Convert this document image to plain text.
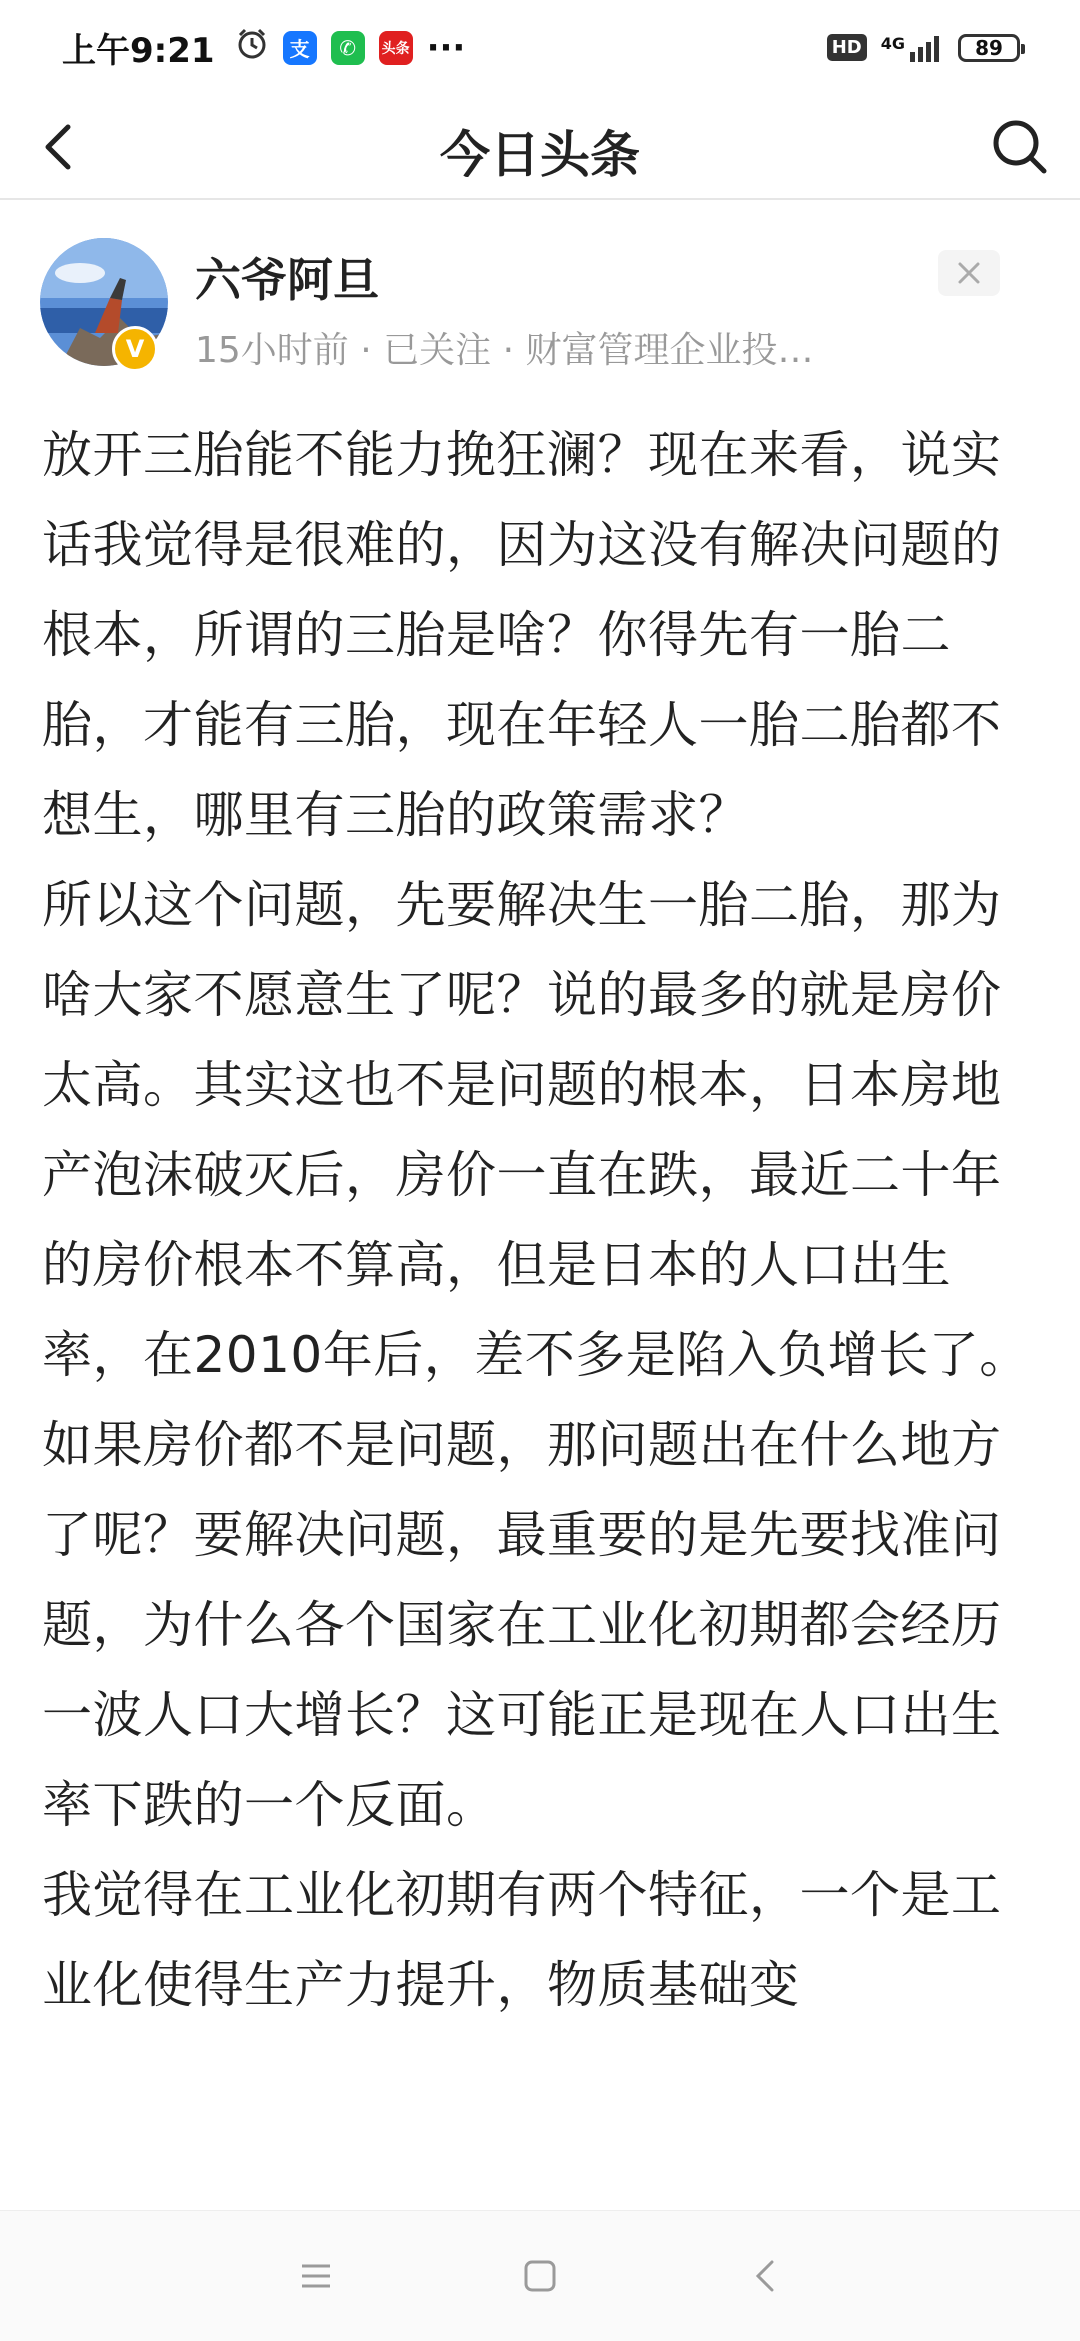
上午9:21	支	✆	头条 ···	HD	4G	89
今日头条
六爷阿旦
15小时前 · 已关注 · 财富管理企业投…
V

放开三胎能不能力挽狂澜？现在来看，说实话我觉得是很难的，因为这没有解决问题的根本，所谓的三胎是啥？你得先有一胎二胎，才能有三胎，现在年轻人一胎二胎都不想生，哪里有三胎的政策需求？

所以这个问题，先要解决生一胎二胎，那为啥大家不愿意生了呢？说的最多的就是房价太高。其实这也不是问题的根本，日本房地产泡沫破灭后，房价一直在跌，最近二十年的房价根本不算高，但是日本的人口出生率，在2010年后，差不多是陷入负增长了。

如果房价都不是问题，那问题出在什么地方了呢？要解决问题，最重要的是先要找准问题，为什么各个国家在工业化初期都会经历一波人口大增长？这可能正是现在人口出生率下跌的一个反面。

我觉得在工业化初期有两个特征，一个是工业化使得生产力提升，物质基础变
